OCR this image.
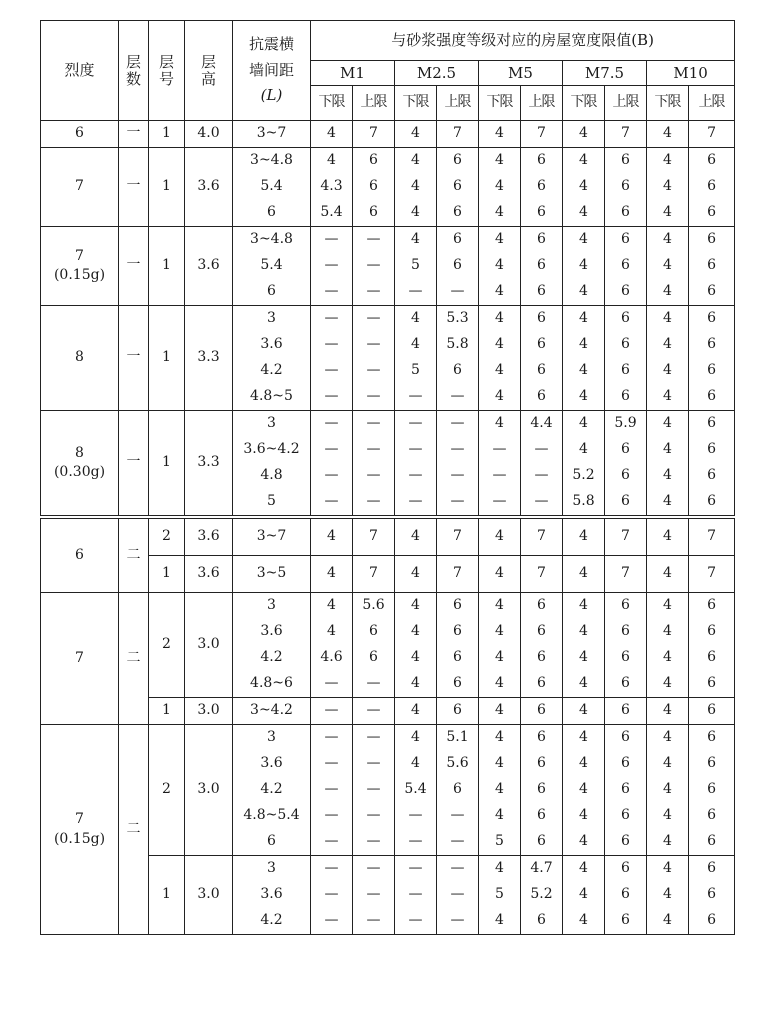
烈度	层数	层号	层高	抗震横
墙间距
(L)	与砂浆强度等级对应的房屋宽度限值(B)									
					M1		M2.5		M5		M7.5		M10	
					下限	上限	下限	上限	下限	上限	下限	上限	下限	上限

6	一	1	4.0	3~7	4	7	4	7	4	7	4	7	4	7

7	一	1	3.6	3~4.8	4	6	4	6	4	6	4	6	4	6
				5.4	4.3	6	4	6	4	6	4	6	4	6
				6	5.4	6	4	6	4	6	4	6	4	6

7
(0.15g)	一	1	3.6	3~4.8	—	—	4	6	4	6	4	6	4	6
				5.4	—	—	5	6	4	6	4	6	4	6
				6	—	—	—	—	4	6	4	6	4	6

8	一	1	3.3	3	—	—	4	5.3	4	6	4	6	4	6
				3.6	—	—	4	5.8	4	6	4	6	4	6
				4.2	—	—	5	6	4	6	4	6	4	6
				4.8~5	—	—	—	—	4	6	4	6	4	6

8
(0.30g)	一	1	3.3	3	—	—	—	—	4	4.4	4	5.9	4	6
				3.6~4.2	—	—	—	—	—	—	4	6	4	6
				4.8	—	—	—	—	—	—	5.2	6	4	6
				5	—	—	—	—	—	—	5.8	6	4	6

6	二	2	3.6	3~7	4	7	4	7	4	7	4	7	4	7
		1	3.6	3~5	4	7	4	7	4	7	4	7	4	7

7	二	2	3.0	3	4	5.6	4	6	4	6	4	6	4	6
				3.6	4	6	4	6	4	6	4	6	4	6
				4.2	4.6	6	4	6	4	6	4	6	4	6
				4.8~6	—	—	4	6	4	6	4	6	4	6
		1	3.0	3~4.2	—	—	4	6	4	6	4	6	4	6

7
(0.15g)	二	2	3.0	3	—	—	4	5.1	4	6	4	6	4	6
				3.6	—	—	4	5.6	4	6	4	6	4	6
				4.2	—	—	5.4	6	4	6	4	6	4	6
				4.8~5.4	—	—	—	—	4	6	4	6	4	6
				6	—	—	—	—	5	6	4	6	4	6
		1	3.0	3	—	—	—	—	4	4.7	4	6	4	6
				3.6	—	—	—	—	5	5.2	4	6	4	6
				4.2	—	—	—	—	4	6	4	6	4	6
